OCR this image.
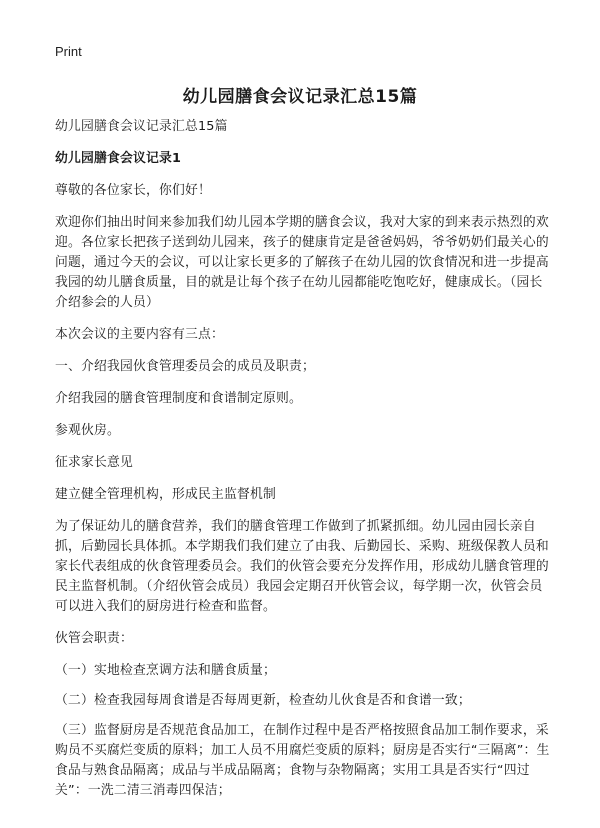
Print
幼儿园膳食会议记录汇总15篇

幼儿园膳食会议记录汇总15篇

幼儿园膳食会议记录1

尊敬的各位家长，你们好！

欢迎你们抽出时间来参加我们幼儿园本学期的膳食会议，我对大家的到来表示热烈的欢迎。各位家长把孩子送到幼儿园来，孩子的健康肯定是爸爸妈妈，爷爷奶奶们最关心的问题，通过今天的会议，可以让家长更多的了解孩子在幼儿园的饮食情况和进一步提高我园的幼儿膳食质量，目的就是让每个孩子在幼儿园都能吃饱吃好，健康成长。（园长介绍参会的人员）

本次会议的主要内容有三点：

一、介绍我园伙食管理委员会的成员及职责；

介绍我园的膳食管理制度和食谱制定原则。

参观伙房。

征求家长意见

建立健全管理机构，形成民主监督机制

为了保证幼儿的膳食营养，我们的膳食管理工作做到了抓紧抓细。幼儿园由园长亲自抓，后勤园长具体抓。本学期我们我们建立了由我、后勤园长、采购、班级保教人员和家长代表组成的伙食管理委员会。我们的伙管会要充分发挥作用，形成幼儿膳食管理的民主监督机制。（介绍伙管会成员）我园会定期召开伙管会议，每学期一次，伙管会员可以进入我们的厨房进行检查和监督。

伙管会职责：

（一）实地检查烹调方法和膳食质量；

（二）检查我园每周食谱是否每周更新，检查幼儿伙食是否和食谱一致；

（三）监督厨房是否规范食品加工，在制作过程中是否严格按照食品加工制作要求，采购员不买腐烂变质的原料；加工人员不用腐烂变质的原料；厨房是否实行“三隔离”：生食品与熟食品隔离；成品与半成品隔离；食物与杂物隔离；实用工具是否实行“四过关”：一洗二清三消毒四保洁；
